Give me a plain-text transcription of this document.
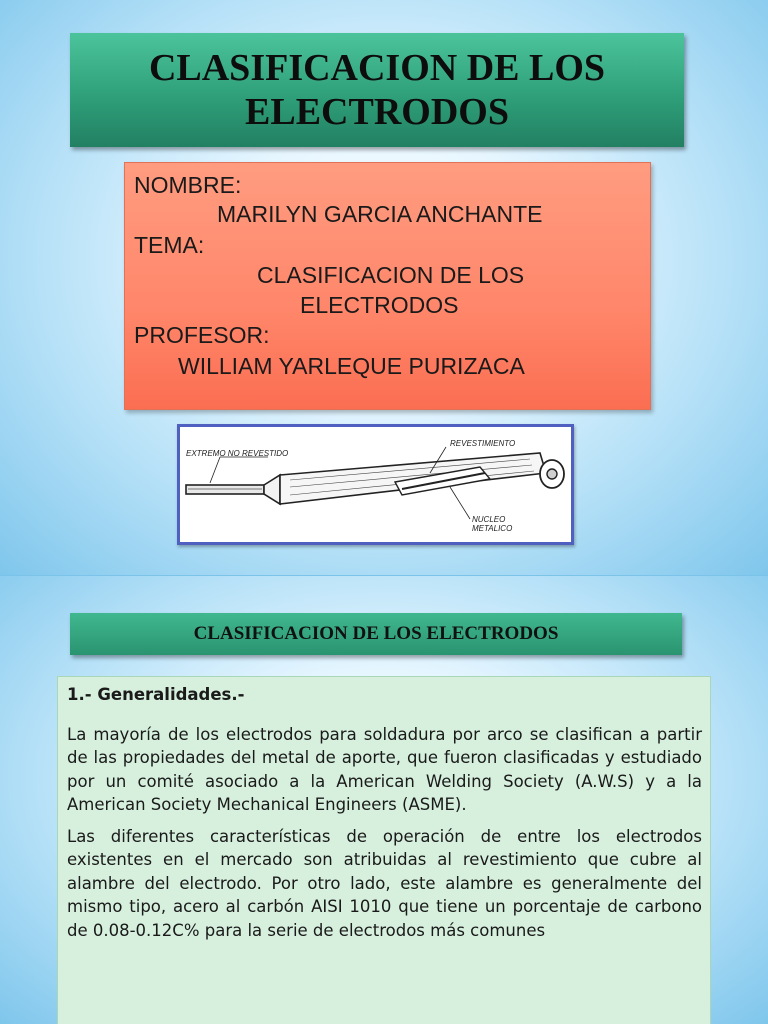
CLASIFICACION DE LOS ELECTRODOS
NOMBRE:
MARILYN GARCIA ANCHANTE
TEMA:
CLASIFICACION DE LOS
ELECTRODOS
PROFESOR:
WILLIAM YARLEQUE PURIZACA
EXTREMO NO REVESTIDO
REVESTIMIENTO
NUCLEO
METALICO
CLASIFICACION DE LOS ELECTRODOS
1.- Generalidades.-

La mayoría de los electrodos para soldadura por arco se clasifican a partir de las propiedades del metal de aporte, que fueron clasificadas y estudiado por un comité asociado a la American Welding Society (A.W.S) y a la American Society Mechanical Engineers (ASME).

Las diferentes características de operación de entre los electrodos existentes en el mercado son atribuidas al revestimiento que cubre al alambre del electrodo. Por otro lado, este alambre es generalmente del mismo tipo, acero al carbón AISI 1010 que tiene un porcentaje de carbono de 0.08-0.12C% para la serie de electrodos más comunes
